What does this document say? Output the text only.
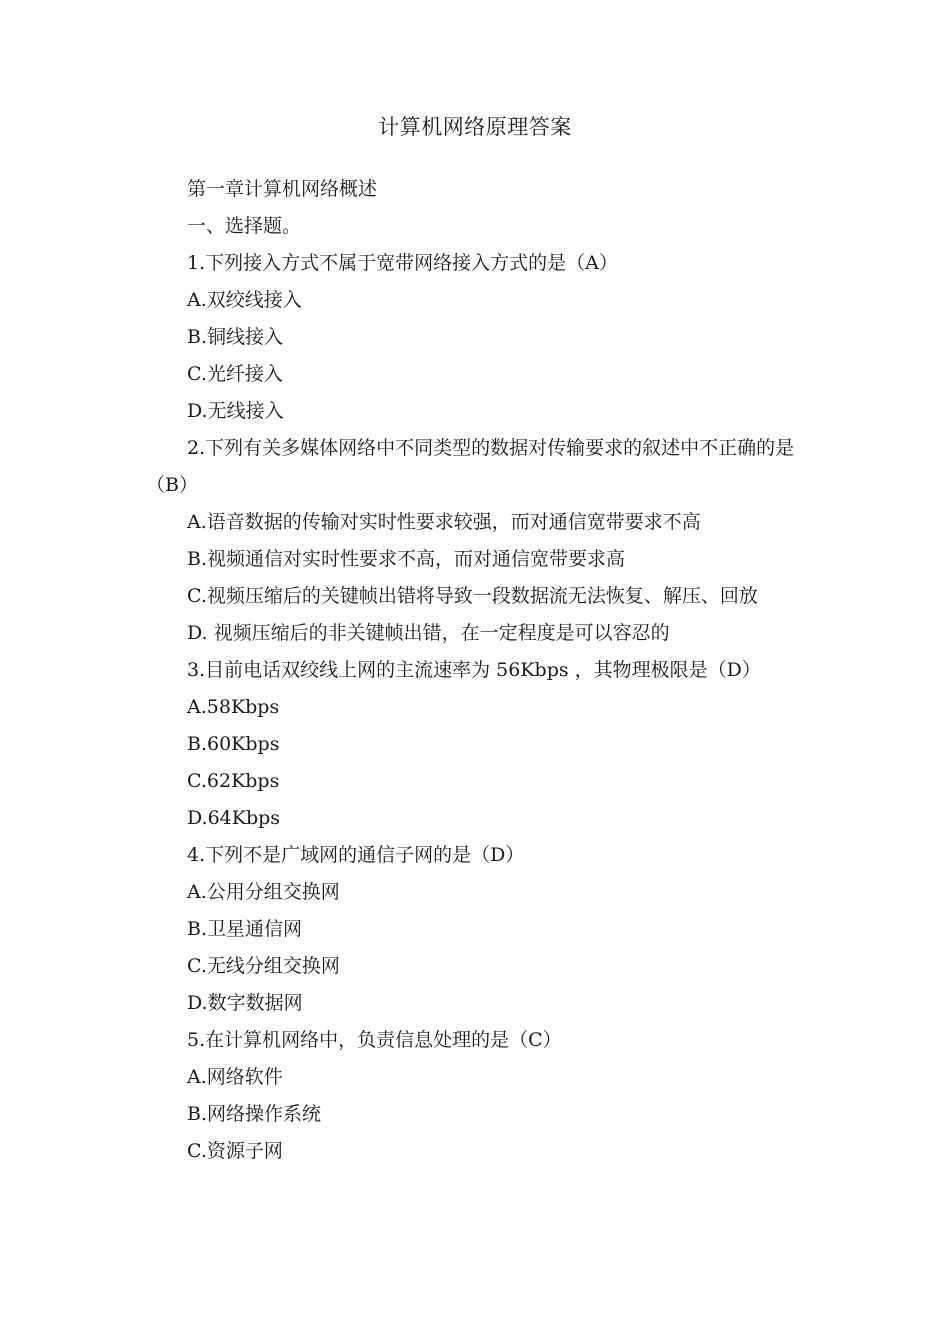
计算机网络原理答案

第一章计算机网络概述

一、选择题。

1.下列接入方式不属于宽带网络接入方式的是（A）

A.双绞线接入

B.铜线接入

C.光纤接入

D.无线接入

2.下列有关多媒体网络中不同类型的数据对传输要求的叙述中不正确的是（B）

A.语音数据的传输对实时性要求较强，而对通信宽带要求不高

B.视频通信对实时性要求不高，而对通信宽带要求高

C.视频压缩后的关键帧出错将导致一段数据流无法恢复、解压、回放

D. 视频压缩后的非关键帧出错，在一定程度是可以容忍的

3.目前电话双绞线上网的主流速率为 56Kbps ，其物理极限是（D）

A.58Kbps

B.60Kbps

C.62Kbps

D.64Kbps

4.下列不是广域网的通信子网的是（D）

A.公用分组交换网

B.卫星通信网

C.无线分组交换网

D.数字数据网

5.在计算机网络中，负责信息处理的是（C）

A.网络软件

B.网络操作系统

C.资源子网
